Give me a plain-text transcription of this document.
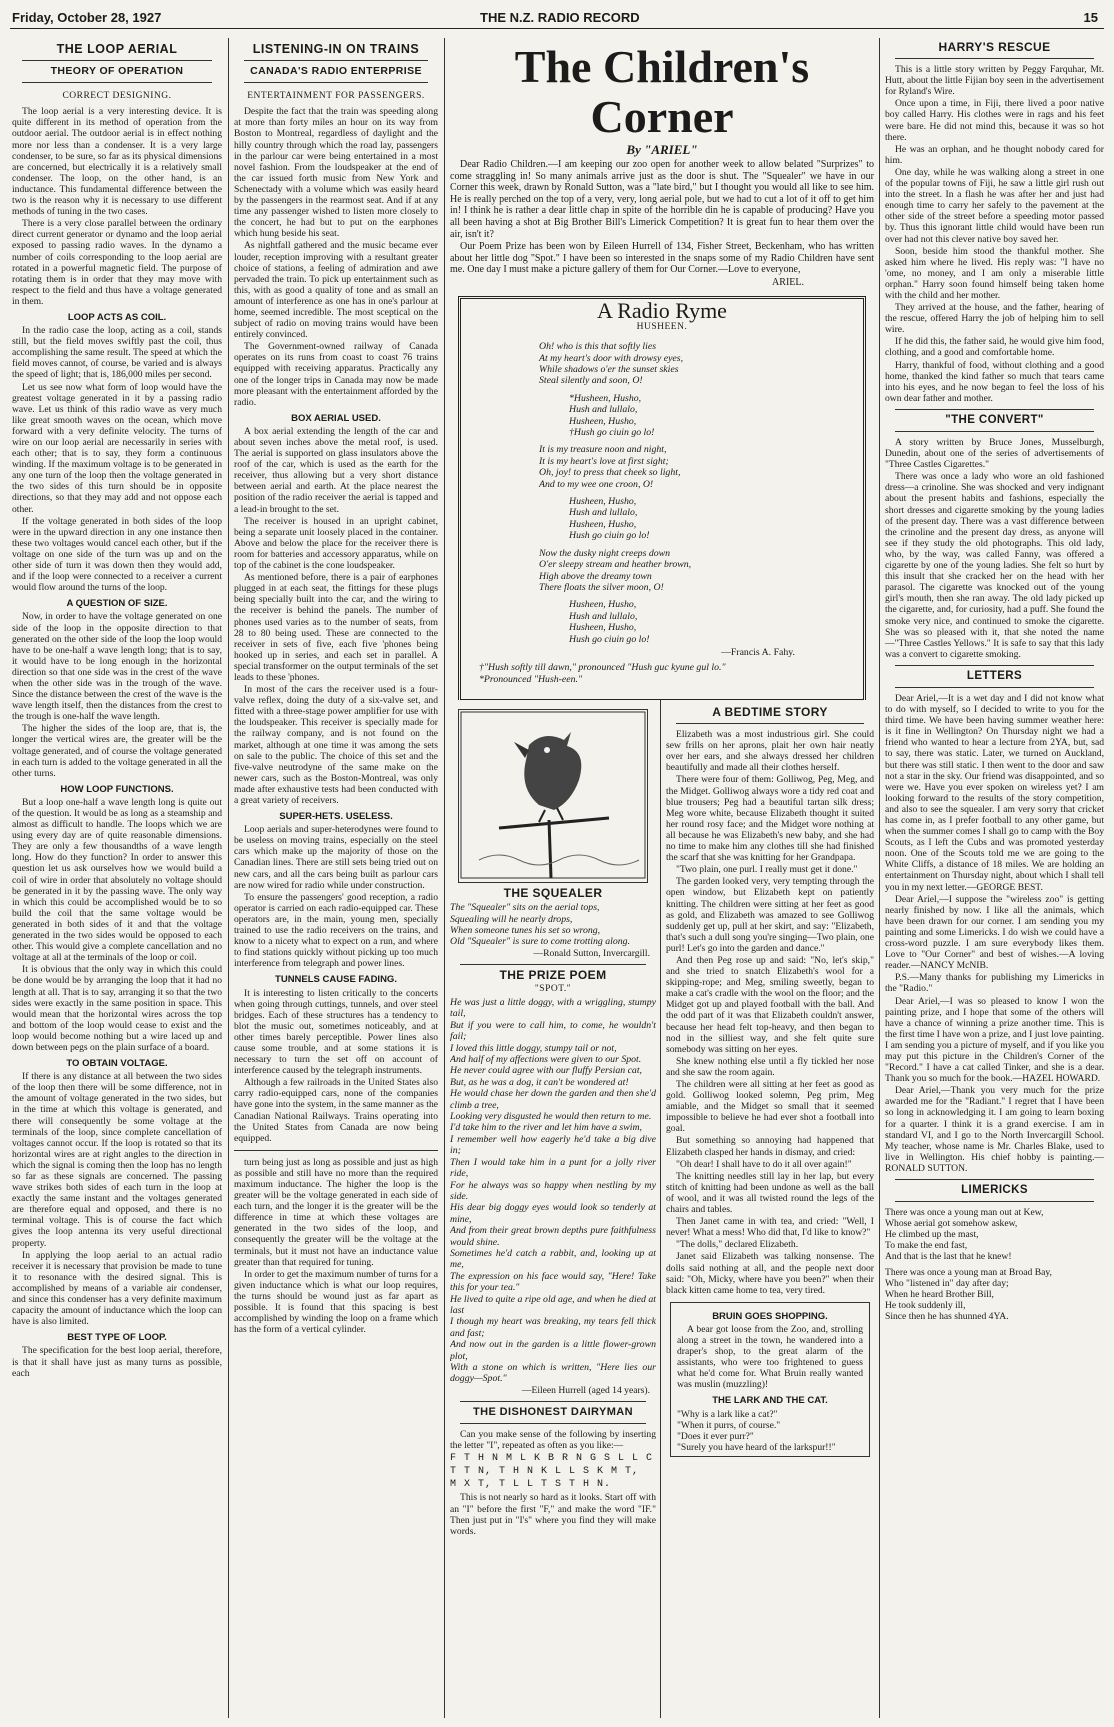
Friday, October 28, 1927	THE N.Z. RADIO RECORD	15
THE LOOP AERIAL
THEORY OF OPERATION
CORRECT DESIGNING.

The loop aerial is a very interesting device. It is quite different in its method of operation from the outdoor aerial. The outdoor aerial is in effect nothing more nor less than a condenser. It is a very large condenser, to be sure, so far as its physical dimensions are concerned, but electrically it is a relatively small condenser. The loop, on the other hand, is an inductance. This fundamental difference between the two is the reason why it is necessary to use different methods of tuning in the two cases.

There is a very close parallel between the ordinary direct current generator or dynamo and the loop aerial exposed to passing radio waves. In the dynamo a number of coils corresponding to the loop aerial are rotated in a powerful magnetic field. The purpose of rotating them is in order that they may move with respect to the field and thus have a voltage generated in them.

LOOP ACTS AS COIL.

In the radio case the loop, acting as a coil, stands still, but the field moves swiftly past the coil, thus accomplishing the same result. The speed at which the field moves cannot, of course, be varied and is always the speed of light; that is, 186,000 miles per second.

Let us see now what form of loop would have the greatest voltage generated in it by a passing radio wave. Let us think of this radio wave as very much like great smooth waves on the ocean, which move forward with a very definite velocity. The turns of wire on our loop aerial are necessarily in series with each other; that is to say, they form a continuous winding. If the maximum voltage is to be generated in any one turn of the loop then the voltage generated in the two sides of this turn should be in opposite directions, so that they may add and not oppose each other.

If the voltage generated in both sides of the loop were in the upward direction in any one instance then these two voltages would cancel each other, but if the voltage on one side of the turn was up and on the other side of turn it was down then they would add, and if the loop were connected to a receiver a current would flow around the turns of the loop.

A QUESTION OF SIZE.

Now, in order to have the voltage generated on one side of the loop in the opposite direction to that generated on the other side of the loop the loop would have to be one-half a wave length long; that is to say, it would have to be long enough in the horizontal direction so that one side was in the crest of the wave when the other side was in the trough of the wave. Since the distance between the crest of the wave is the wave length itself, then the distances from the crest to the trough is one-half the wave length.

The higher the sides of the loop are, that is, the longer the vertical wires are, the greater will be the voltage generated, and of course the voltage generated in each turn is added to the voltage generated in all the other turns.

HOW LOOP FUNCTIONS.

But a loop one-half a wave length long is quite out of the question. It would be as long as a steamship and almost as difficult to handle. The loops which we are using every day are of quite reasonable dimensions. They are only a few thousandths of a wave length long. How do they function? In order to answer this question let us ask ourselves how we would build a coil of wire in order that absolutely no voltage should be generated in it by the passing wave. The only way in which this could be accomplished would be to so build the coil that the same voltage would be generated in both sides of it and that the voltage generated in the two sides would be opposed to each other. This would give a complete cancellation and no voltage at all at the terminals of the loop or coil.

It is obvious that the only way in which this could be done would be by arranging the loop that it had no length at all. That is to say, arranging it so that the two sides were exactly in the same position in space. This would mean that the horizontal wires across the top and bottom of the loop would cease to exist and the loop would become nothing but a wire laced up and down between pegs on the plain surface of a board.

TO OBTAIN VOLTAGE.

If there is any distance at all between the two sides of the loop then there will be some difference, not in the amount of voltage generated in the two sides, but in the time at which this voltage is generated, and there will consequently be some voltage at the terminals of the loop, since complete cancellation of voltages cannot occur. If the loop is rotated so that its horizontal wires are at right angles to the direction in which the signal is coming then the loop has no length so far as these signals are concerned. The passing wave strikes both sides of each turn in the loop at exactly the same instant and the voltages generated are therefore equal and opposed, and there is no terminal voltage. This is of course the fact which gives the loop antenna its very useful directional property.

In applying the loop aerial to an actual radio receiver it is necessary that provision be made to tune it to resonance with the desired signal. This is accomplished by means of a variable air condenser, and since this condenser has a very definite maximum capacity the amount of inductance which the loop can have is also limited.

BEST TYPE OF LOOP.

The specification for the best loop aerial, therefore, is that it shall have just as many turns as possible, each

LISTENING-IN ON TRAINS
CANADA'S RADIO ENTERPRISE
ENTERTAINMENT FOR PASSENGERS.

Despite the fact that the train was speeding along at more than forty miles an hour on its way from Boston to Montreal, regardless of daylight and the hilly country through which the road lay, passengers in the parlour car were being entertained in a most novel fashion. From the loudspeaker at the end of the car issued forth music from New York and Schenectady with a volume which was easily heard by the passengers in the rearmost seat. And if at any time any passenger wished to listen more closely to the concert, he had but to put on the earphones which hung beside his seat.

As nightfall gathered and the music became ever louder, reception improving with a resultant greater choice of stations, a feeling of admiration and awe pervaded the train. To pick up entertainment such as this, with as good a quality of tone and as small an amount of interference as one has in one's parlour at home, seemed incredible. The most sceptical on the subject of radio on moving trains would have been entirely convinced.

The Government-owned railway of Canada operates on its runs from coast to coast 76 trains equipped with receiving apparatus. Practically any one of the longer trips in Canada may now be made more pleasant with the entertainment afforded by the radio.

BOX AERIAL USED.

A box aerial extending the length of the car and about seven inches above the metal roof, is used. The aerial is supported on glass insulators above the roof of the car, which is used as the earth for the receiver, thus allowing but a very short distance between aerial and earth. At the place nearest the position of the radio receiver the aerial is tapped and a lead-in brought to the set.

The receiver is housed in an upright cabinet, being a separate unit loosely placed in the container. Above and below the place for the receiver there is room for batteries and accessory apparatus, while on top of the cabinet is the cone loudspeaker.

As mentioned before, there is a pair of earphones plugged in at each seat, the fittings for these plugs being specially built into the car, and the wiring to the receiver is behind the panels. The number of phones used varies as to the number of seats, from 28 to 80 being used. These are connected to the receiver in sets of five, each five 'phones being hooked up in series, and each set in parallel. A special transformer on the output terminals of the set leads to these 'phones.

In most of the cars the receiver used is a four-valve reflex, doing the duty of a six-valve set, and fitted with a three-stage power amplifier for use with the loudspeaker. This receiver is specially made for the railway company, and is not found on the market, although at one time it was among the sets on sale to the public. The choice of this set and the five-valve neutrodyne of the same make on the newer cars, such as the Boston-Montreal, was only made after exhaustive tests had been conducted with a great variety of receivers.

SUPER-HETS. USELESS.

Loop aerials and super-heterodynes were found to be useless on moving trains, especially on the steel cars which make up the majority of those on the Canadian lines. There are still sets being tried out on new cars, and all the cars being built as parlour cars are now wired for radio while under construction.

To ensure the passengers' good reception, a radio operator is carried on each radio-equipped car. These operators are, in the main, young men, specially trained to use the radio receivers on the trains, and know to a nicety what to expect on a run, and where to find stations quickly without picking up too much interference from telegraph and power lines.

TUNNELS CAUSE FADING.

It is interesting to listen critically to the concerts when going through cuttings, tunnels, and over steel bridges. Each of these structures has a tendency to blot the music out, sometimes noticeably, and at other times barely perceptible. Power lines also cause some trouble, and at some stations it is necessary to turn the set off on account of interference caused by the telegraph instruments.

Although a few railroads in the United States also carry radio-equipped cars, none of the companies have gone into the system, in the same manner as the Canadian National Railways. Trains operating into the United States from Canada are now being equipped.

turn being just as long as possible and just as high as possible and still have no more than the required maximum inductance. The higher the loop is the greater will be the voltage generated in each side of each turn, and the longer it is the greater will be the difference in time at which these voltages are generated in the two sides of the loop, and consequently the greater will be the voltage at the terminals, but it must not have an inductance value greater than that required for tuning.

In order to get the maximum number of turns for a given inductance which is what our loop requires, the turns should be wound just as far apart as possible. It is found that this spacing is best accomplished by winding the loop on a frame which has the form of a vertical cylinder.

The Children's Corner
By "ARIEL"

Dear Radio Children.—I am keeping our zoo open for another week to allow belated "Surprizes" to come straggling in! So many animals arrive just as the door is shut. The "Squealer" we have in our Corner this week, drawn by Ronald Sutton, was a "late bird," but I thought you would all like to see him. He is really perched on the top of a very, very, long aerial pole, but we had to cut a lot of it off to get him in! I think he is rather a dear little chap in spite of the horrible din he is capable of producing? Have you all been having a shot at Big Brother Bill's Limerick Competition? It is great fun to hear them over the air, isn't it?

Our Poem Prize has been won by Eileen Hurrell of 134, Fisher Street, Beckenham, who has written about her little dog "Spot." I have been so interested in the snaps some of my Radio Children have sent me. One day I must make a picture gallery of them for Our Corner.—Love to everyone,

ARIEL.
A Radio Ryme
HUSHEEN.
Oh! who is this that softly lies
At my heart's door with drowsy eyes,
While shadows o'er the sunset skies
Steal silently and soon, O!
*Husheen, Husho,
Hush and lullalo,
Husheen, Husho,
†Hush go ciuin go lo!
It is my treasure noon and night,
It is my heart's love at first sight;
Oh, joy! to press that cheek so light,
And to my wee one croon, O!
Husheen, Husho,
Hush and lullalo,
Husheen, Husho,
Hush go ciuin go lo!
Now the dusky night creeps down
O'er sleepy stream and heather brown,
High above the dreamy town
There floats the silver moon, O!
Husheen, Husho,
Hush and lullalo,
Husheen, Husho,
Hush go ciuin go lo!
—Francis A. Fahy.
†"Hush softly till dawn," pronounced "Hush guc kyune gul lo."
*Pronounced "Hush-een."
THE SQUEALER
The "Squealer" sits on the aerial tops,
Squealing will he nearly drops,
When someone tunes his set so wrong,
Old "Squealer" is sure to come trotting along.
—Ronald Sutton, Invercargill.
THE PRIZE POEM
"SPOT."
He was just a little doggy, with a wriggling, stumpy tail,
But if you were to call him, to come, he wouldn't fail;
I loved this little doggy, stumpy tail or not,
And half of my affections were given to our Spot.
He never could agree with our fluffy Persian cat,
But, as he was a dog, it can't be wondered at!
He would chase her down the garden and then she'd climb a tree,
Looking very disgusted he would then return to me.
I'd take him to the river and let him have a swim,
I remember well how eagerly he'd take a big dive in;
Then I would take him in a punt for a jolly river ride,
For he always was so happy when nestling by my side.
His dear big doggy eyes would look so tenderly at mine,
And from their great brown depths pure faithfulness would shine.
Sometimes he'd catch a rabbit, and, looking up at me,
The expression on his face would say, "Here! Take this for your tea."
He lived to quite a ripe old age, and when he died at last
I though my heart was breaking, my tears fell thick and fast;
And now out in the garden is a little flower-grown plot,
With a stone on which is written, "Here lies our doggy—Spot."
—Eileen Hurrell (aged 14 years).
THE DISHONEST DAIRYMAN

Can you make sense of the following by inserting the letter "I", repeated as often as you like:—

F T H N M L K B R N G S L L C
T T N, T H N K L L S K M T,
M X T, T L L T S T H N.

This is not nearly so hard as it looks. Start off with an "I" before the first "F," and make the word "IF." Then just put in "I's" where you find they will make words.

A BEDTIME STORY

Elizabeth was a most industrious girl. She could sew frills on her aprons, plait her own hair neatly over her ears, and she always dressed her children beautifully and made all their clothes herself.

There were four of them: Golliwog, Peg, Meg, and the Midget. Golliwog always wore a tidy red coat and blue trousers; Peg had a beautiful tartan silk dress; Meg wore white, because Elizabeth thought it suited her round rosy face; and the Midget wore nothing at all because he was Elizabeth's new baby, and she had no time to make him any clothes till she had finished the scarf that she was knitting for her Grandpapa.

"Two plain, one purl. I really must get it done."

The garden looked very, very tempting through the open window, but Elizabeth kept on patiently knitting. The children were sitting at her feet as good as gold, and Elizabeth was amazed to see Golliwog suddenly get up, pull at her skirt, and say: "Elizabeth, that's such a dull song you're singing—Two plain, one purl! Let's go into the garden and dance."

And then Peg rose up and said: "No, let's skip," and she tried to snatch Elizabeth's wool for a skipping-rope; and Meg, smiling sweetly, began to make a cat's cradle with the wool on the floor; and the Midget got up and played football with the ball. And the odd part of it was that Elizabeth couldn't answer, because her head felt top-heavy, and then began to nod in the silliest way, and she felt quite sure somebody was sitting on her eyes.

She knew nothing else until a fly tickled her nose and she saw the room again.

The children were all sitting at her feet as good as gold. Golliwog looked solemn, Peg prim, Meg amiable, and the Midget so small that it seemed impossible to believe he had ever shot a football into goal.

But something so annoying had happened that Elizabeth clasped her hands in dismay, and cried:

"Oh dear! I shall have to do it all over again!"

The knitting needles still lay in her lap, but every stitch of knitting had been undone as well as the ball of wool, and it was all twisted round the legs of the chairs and tables.

Then Janet came in with tea, and cried: "Well, I never! What a mess! Who did that, I'd like to know?"

"The dolls," declared Elizabeth.

Janet said Elizabeth was talking nonsense. The dolls said nothing at all, and the people next door said: "Oh, Micky, where have you been?" when their black kitten came home to tea, very tired.

BRUIN GOES SHOPPING.

A bear got loose from the Zoo, and, strolling along a street in the town, he wandered into a draper's shop, to the great alarm of the assistants, who were too frightened to guess what he'd come for. What Bruin really wanted was muslin (muzzling)!

THE LARK AND THE CAT.
"Why is a lark like a cat?"
"When it purrs, of course."
"Does it ever purr?"
"Surely you have heard of the larkspur!!"
HARRY'S RESCUE

This is a little story written by Peggy Farquhar, Mt. Hutt, about the little Fijian boy seen in the advertisement for Ryland's Wire.

Once upon a time, in Fiji, there lived a poor native boy called Harry. His clothes were in rags and his feet were bare. He did not mind this, because it was so hot there.

He was an orphan, and he thought nobody cared for him.

One day, while he was walking along a street in one of the popular towns of Fiji, he saw a little girl rush out into the street. In a flash he was after her and just had enough time to carry her safely to the pavement at the other side of the street before a speeding motor passed by. Thus this ignorant little child would have been run over had not this clever native boy saved her.

Soon, beside him stood the thankful mother. She asked him where he lived. His reply was: "I have no 'ome, no money, and I am only a miserable little orphan." Harry soon found himself being taken home with the child and her mother.

They arrived at the house, and the father, hearing of the rescue, offered Harry the job of helping him to sell wire.

If he did this, the father said, he would give him food, clothing, and a good and comfortable home.

Harry, thankful of food, without clothing and a good home, thanked the kind father so much that tears came into his eyes, and he now began to feel the loss of his own dear father and mother.

"THE CONVERT"

A story written by Bruce Jones, Musselburgh, Dunedin, about one of the series of advertisements of "Three Castles Cigarettes."

There was once a lady who wore an old fashioned dress—a crinoline. She was shocked and very indignant about the present habits and fashions, especially the short dresses and cigarette smoking by the young ladies of the present day. There was a vast difference between the crinoline and the present day dress, as anyone will see if they study the old photographs. This old lady, who, by the way, was called Fanny, was offered a cigarette by one of the young ladies. She felt so hurt by this insult that she cracked her on the head with her parasol. The cigarette was knocked out of the young girl's mouth, then she ran away. The old lady picked up the cigarette, and, for curiosity, had a puff. She found the smoke very nice, and continued to smoke the cigarette. She was so pleased with it, that she noted the name—"Three Castles Yellows." It is safe to say that this lady was a convert to cigarette smoking.

LETTERS

Dear Ariel,—It is a wet day and I did not know what to do with myself, so I decided to write to you for the third time. We have been having summer weather here: is it fine in Wellington? On Thursday night we had a friend who wanted to hear a lecture from 2YA, but, sad to say, there was static. Later, we turned on Auckland, but there was still static. I then went to the door and saw not a star in the sky. Our friend was disappointed, and so were we. Have you ever spoken on wireless yet? I am looking forward to the results of the story competition, and also to see the squealer. I am very sorry that cricket has come in, as I prefer football to any other game, but when the summer comes I shall go to camp with the Boy Scouts, as I left the Cubs and was promoted yesterday noon. One of the Scouts told me we are going to the White Cliffs, a distance of 18 miles. We are holding an entertainment on Thursday night, about which I shall tell you in my next letter.—GEORGE BEST.

Dear Ariel,—I suppose the "wireless zoo" is getting nearly finished by now. I like all the animals, which have been drawn for our corner. I am sending you my painting and some Limericks. I do wish we could have a cross-word puzzle. I am sure everybody likes them. Love to "Our Corner" and best of wishes.—A loving reader.—NANCY McNIB.

P.S.—Many thanks for publishing my Limericks in the "Radio."

Dear Ariel,—I was so pleased to know I won the painting prize, and I hope that some of the others will have a chance of winning a prize another time. This is the first time I have won a prize, and I just love painting. I am sending you a picture of myself, and if you like you may put this picture in the Children's Corner of the "Record." I have a cat called Tinker, and she is a dear. Thank you so much for the book.—HAZEL HOWARD.

Dear Ariel,—Thank you very much for the prize awarded me for the "Radiant." I regret that I have been so long in acknowledging it. I am going to learn boxing for a quarter. I think it is a grand exercise. I am in standard VI, and I go to the North Invercargill School. My teacher, whose name is Mr. Charles Blake, used to live in Wellington. His chief hobby is painting.—RONALD SUTTON.

LIMERICKS
There was once a young man out at Kew,
Whose aerial got somehow askew,
He climbed up the mast,
To make the end fast,
And that is the last that he knew!
There was once a young man at Broad Bay,
Who "listened in" day after day;
When he heard Brother Bill,
He took suddenly ill,
Since then he has shunned 4YA.
